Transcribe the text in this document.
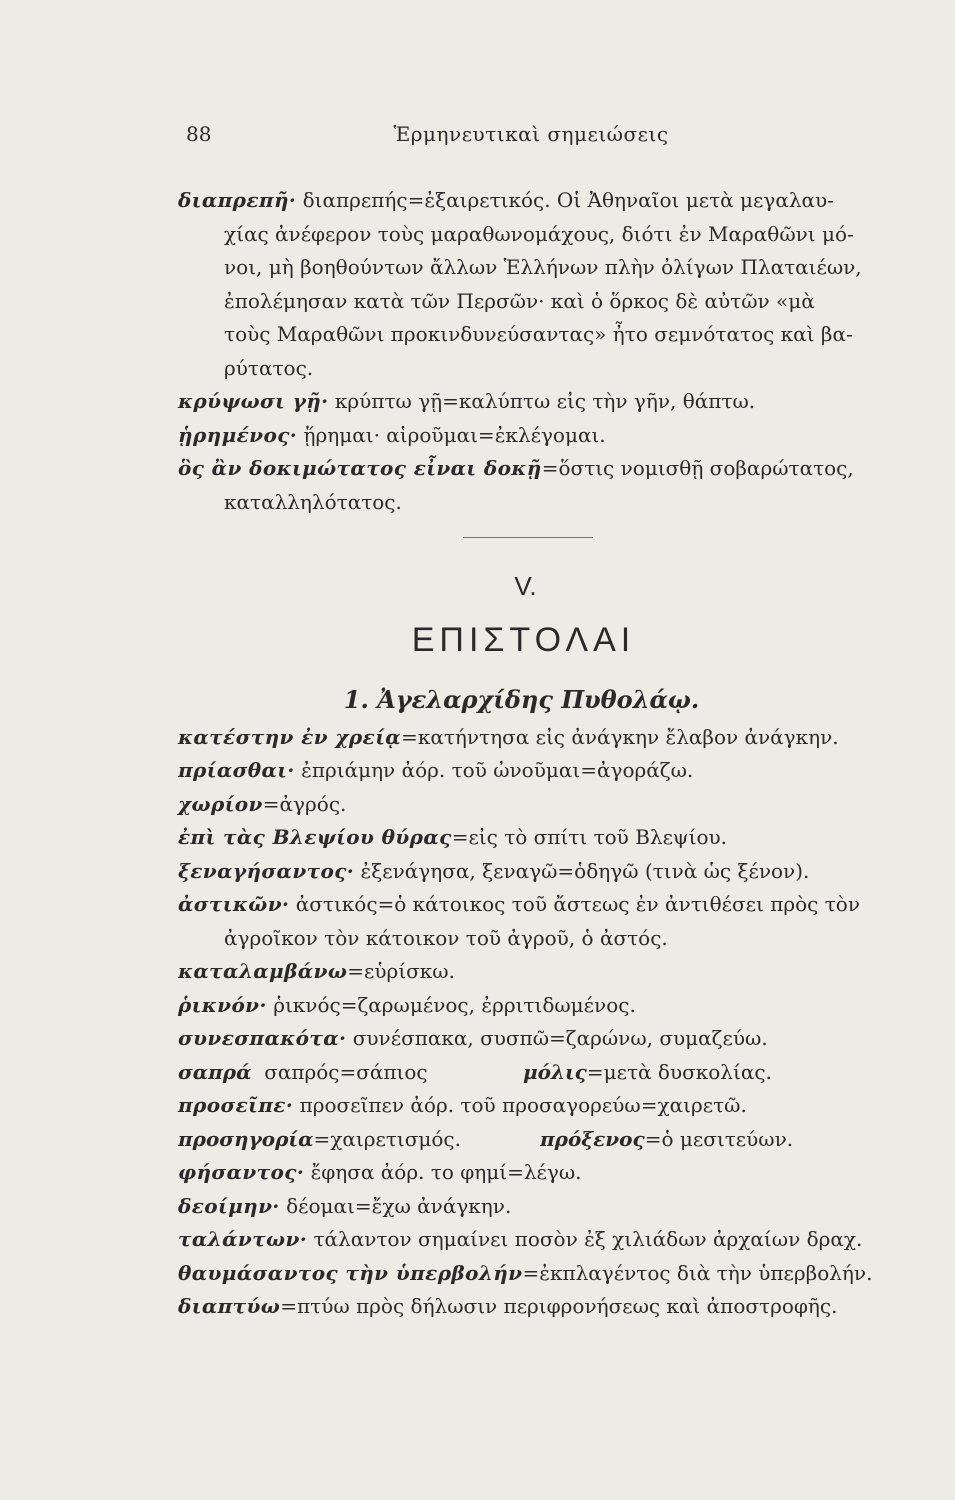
88	Ἑρμηνευτικαὶ σημειώσεις
διαπρεπῆ· διαπρεπής=ἐξαιρετικός. Οἱ Ἀθηναῖοι μετὰ μεγαλαυ-
χίας ἀνέφερον τοὺς μαραθωνομάχους, διότι ἐν Μαραθῶνι μό-
νοι, μὴ βοηθούντων ἄλλων Ἑλλήνων πλὴν ὀλίγων Πλαταιέων,
ἐπολέμησαν κατὰ τῶν Περσῶν· καὶ ὁ ὅρκος δὲ αὐτῶν «μὰ
τοὺς Μαραθῶνι προκινδυνεύσαντας» ἦτο σεμνότατος καὶ βα-
ρύτατος.
κρύψωσι γῇ· κρύπτω γῇ=καλύπτω εἰς τὴν γῆν, θάπτω.
ᾑρημένος· ᾕρημαι· αἱροῦμαι=ἐκλέγομαι.
ὃς ἂν δοκιμώτατος εἶναι δοκῇ=ὅστις νομισθῇ σοβαρώτατος,
καταλληλότατος.
V.
ΕΠΙΣΤΟΛΑΙ
1. Ἀγελαρχίδης Πυθολάῳ.
κατέστην ἐν χρείᾳ=κατήντησα εἰς ἀνάγκην ἔλαβον ἀνάγκην.
πρίασθαι· ἐπριάμην ἀόρ. τοῦ ὠνοῦμαι=ἀγοράζω.
χωρίον=ἀγρός.
ἐπὶ τὰς Βλεψίου θύρας=εἰς τὸ σπίτι τοῦ Βλεψίου.
ξεναγήσαντος· ἐξενάγησα, ξεναγῶ=ὁδηγῶ (τινὰ ὡς ξένον).
ἀστικῶν· ἀστικός=ὁ κάτοικος τοῦ ἄστεως ἐν ἀντιθέσει πρὸς τὸν
ἀγροῖκον τὸν κάτοικον τοῦ ἀγροῦ, ὁ ἀστός.
καταλαμβάνω=εὑρίσκω.
ῥικνόν· ῥικνός=ζαρωμένος, ἐρριτιδωμένος.
συνεσπακότα· συνέσπακα, συσπῶ=ζαρώνω, συμαζεύω.
σαπρά σαπρός=σάπιος	μόλις=μετὰ δυσκολίας.
προσεῖπε· προσεῖπεν ἀόρ. τοῦ προσαγορεύω=χαιρετῶ.
προσηγορία=χαιρετισμός.	πρόξενος=ὁ μεσιτεύων.
φήσαντος· ἔφησα ἀόρ. το φημί=λέγω.
δεοίμην· δέομαι=ἔχω ἀνάγκην.
ταλάντων· τάλαντον σημαίνει ποσὸν ἐξ χιλιάδων ἀρχαίων δραχ.
θαυμάσαντος τὴν ὑπερβολήν=ἐκπλαγέντος διὰ τὴν ὑπερβολήν.
διαπτύω=πτύω πρὸς δήλωσιν περιφρονήσεως καὶ ἀποστροφῆς.
